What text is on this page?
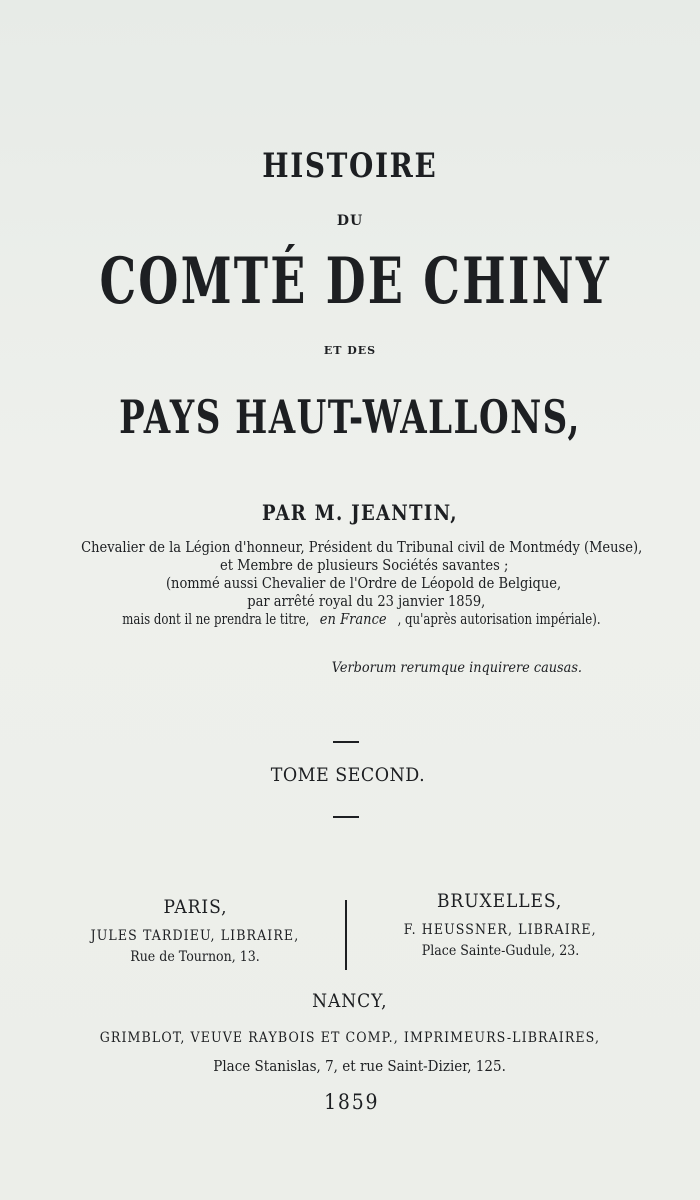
HISTOIRE
DU
COMTÉ DE CHINY
ET DES
PAYS HAUT-WALLONS,
PAR M. JEANTIN,
Chevalier de la Légion d'honneur, Président du Tribunal civil de Montmédy (Meuse),
et Membre de plusieurs Sociétés savantes ;
(nommé aussi Chevalier de l'Ordre de Léopold de Belgique,
par arrêté royal du 23 janvier 1859,
mais dont il ne prendra le titre,en France , qu'après autorisation impériale).
Verborum rerumque inquirere causas.
TOME SECOND.
PARIS,
JULES TARDIEU, LIBRAIRE,
Rue de Tournon, 13.
BRUXELLES,
F. HEUSSNER, LIBRAIRE,
Place Sainte-Gudule, 23.
NANCY,
GRIMBLOT, VEUVE RAYBOIS ET COMP., IMPRIMEURS-LIBRAIRES,
Place Stanislas, 7, et rue Saint-Dizier, 125.
1859
